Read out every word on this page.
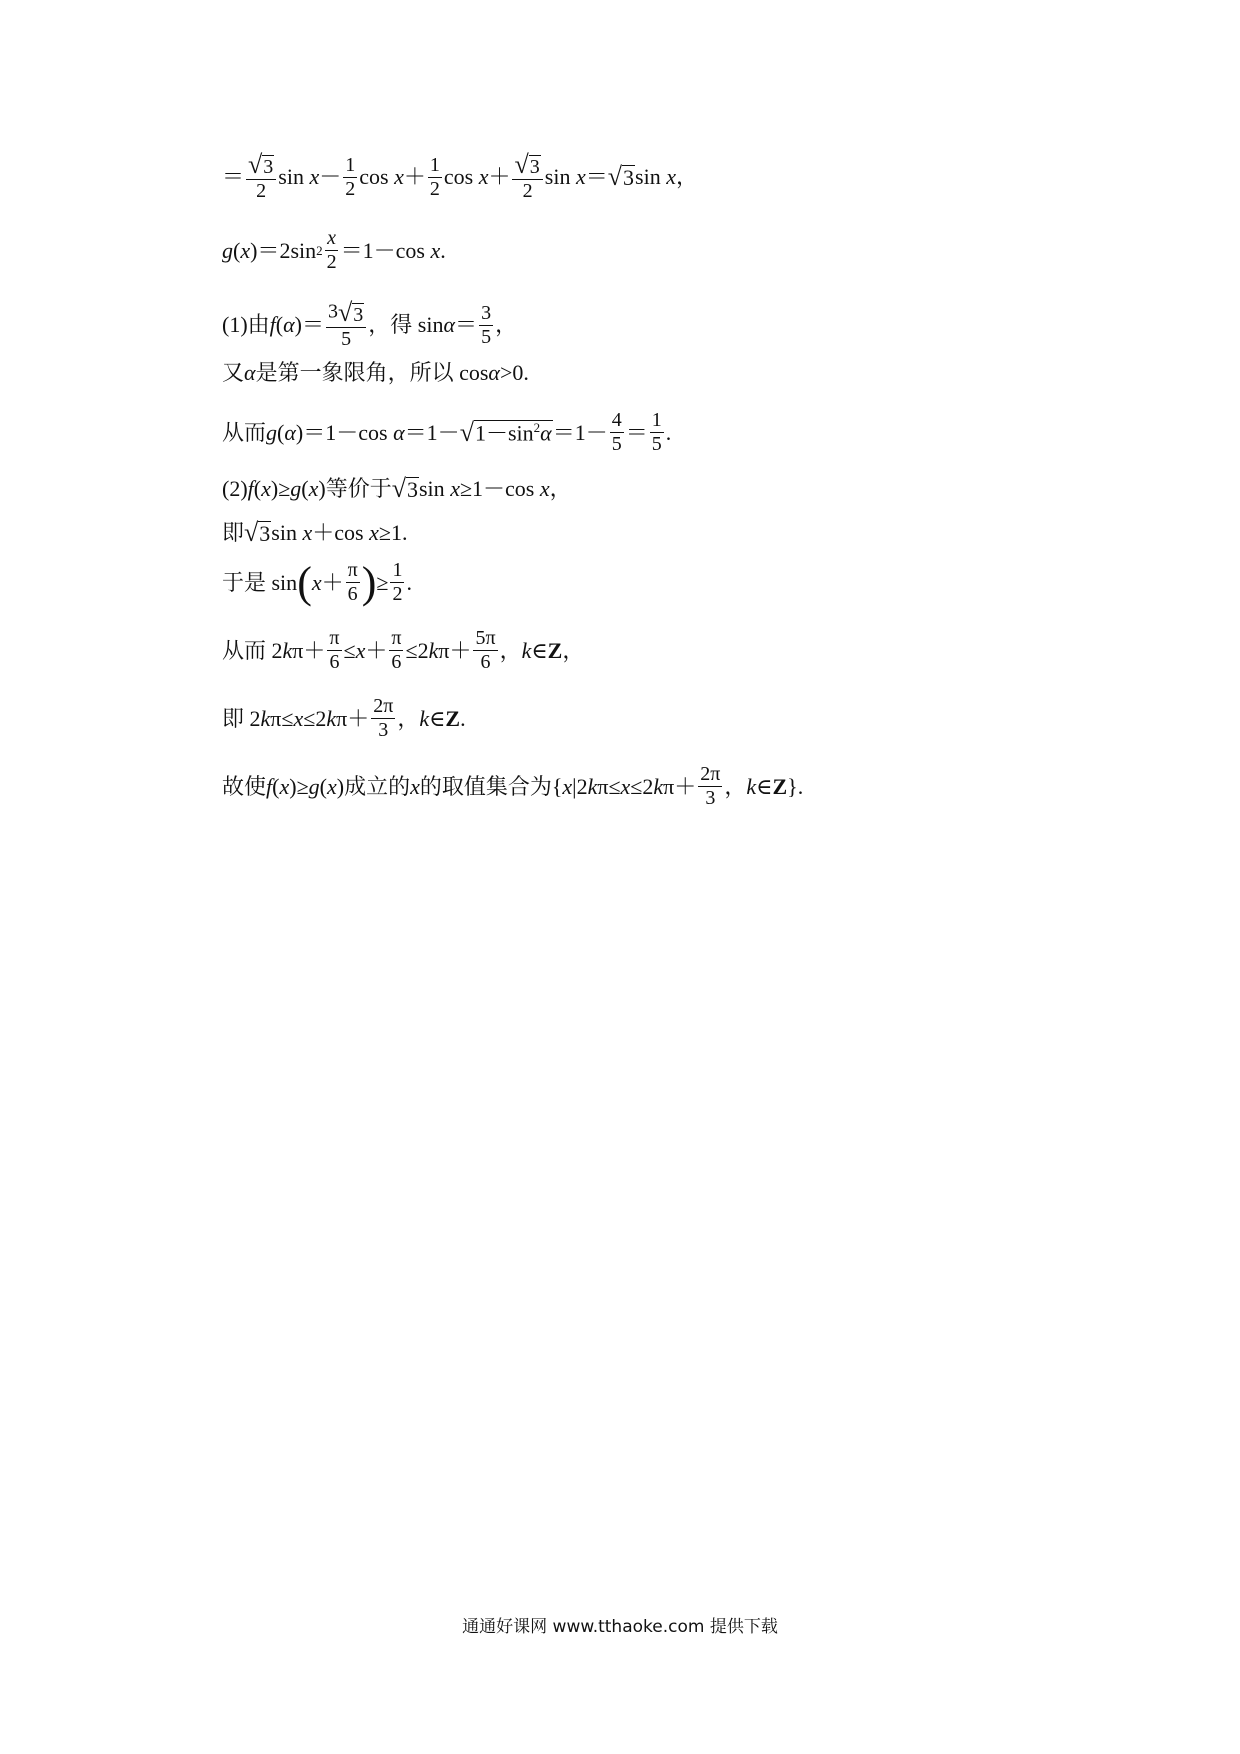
＝ $\frac{√ 3}{2}$ sin
$x - \frac{1}{2}$ cos
$x + \frac{1}{2}$ cos
$x + \frac{√ 3}{2}$ sin
x ＝ √ 3 sin
x ，
g ( x ) ＝ 2 $\sin 2 \frac{x}{2} = 1 - \cos$
x .
(1)由 f ( α ) ＝ $\frac{3 √ 3}{5}$ ，得 $\sin \alpha = \frac{3}{5}$ ，
又 α 是第一象限角，所以 cos α >0.
从而 g ( α ) ＝ 1 － cos
α ＝ 1 － √ $1-\sin^2\alpha = 1 - \frac{4}{5} = \frac{1}{5}$ .
(2) f ( x ) ≥ g ( x ) 等价于 √ 3 sin
x ≥ 1 － cos
x ，
即 √ 3 sin
x ＋ cos
x ≥ 1 .
于是 sin ( $x + \frac{\pi}{6}$ ) ≥ $\frac{1}{2}$ .
从而 2 k $\pi + \frac{\pi}{6} \le x + \frac{\pi}{6} \le 2$ k $\pi + \frac{5\pi}{6}$ ， k ∈ Z ，
即 2 k π ≤ x ≤ 2 k $\pi + \frac{2\pi}{3}$ ， k ∈ Z .
故使 f ( x ) ≥ g ( x ) 成立的 x 的取值集合为{ x |2 k π ≤ x ≤ 2 k $\pi + \frac{2\pi}{3}$ ， k ∈ Z }.
通通好课网 www.tthaoke.com 提供下载
